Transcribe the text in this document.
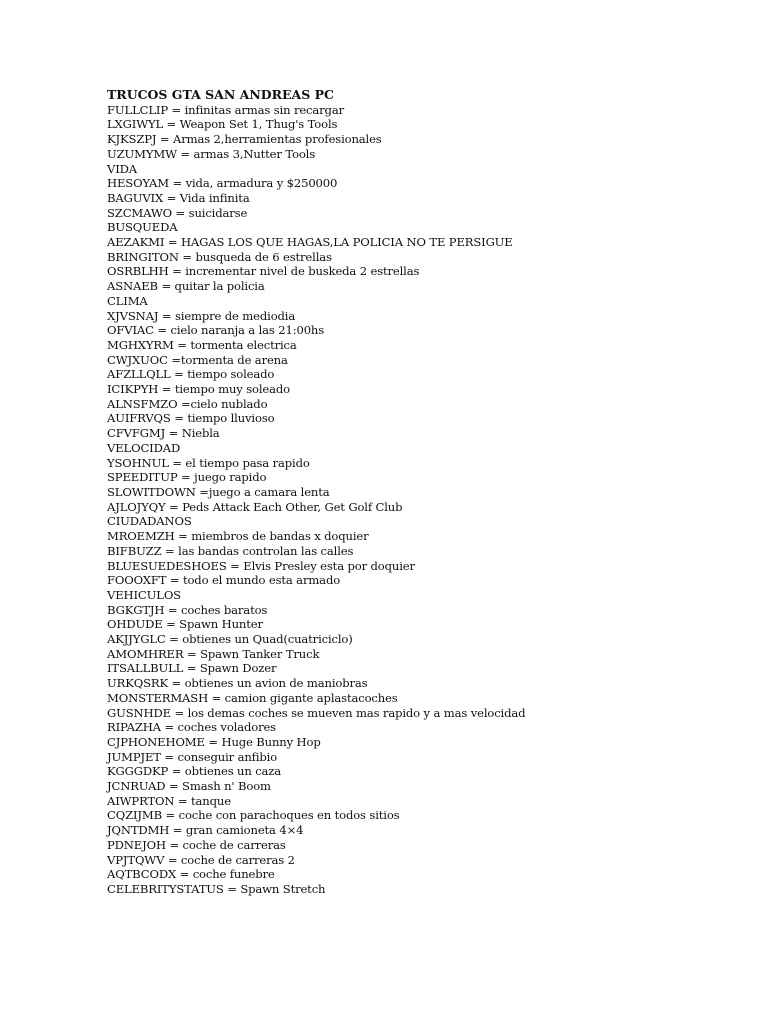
TRUCOS GTA SAN ANDREAS PC
FULLCLIP = infinitas armas sin recargar
LXGIWYL = Weapon Set 1, Thug's Tools
KJKSZPJ = Armas 2,herramientas profesionales
UZUMYMW = armas 3,Nutter Tools
VIDA
HESOYAM = vida, armadura y $250000
BAGUVIX = Vida infinita
SZCMAWO = suicidarse
BUSQUEDA
AEZAKMI = HAGAS LOS QUE HAGAS,LA POLICIA NO TE PERSIGUE
BRINGITON = busqueda de 6 estrellas
OSRBLHH = incrementar nivel de buskeda 2 estrellas
ASNAEB = quitar la policia
CLIMA
XJVSNAJ = siempre de mediodia
OFVIAC = cielo naranja a las 21:00hs
MGHXYRM = tormenta electrica
CWJXUOC =tormenta de arena
AFZLLQLL = tiempo soleado
ICIKPYH = tiempo muy soleado
ALNSFMZO =cielo nublado
AUIFRVQS = tiempo lluvioso
CFVFGMJ = Niebla
VELOCIDAD
YSOHNUL = el tiempo pasa rapido
SPEEDITUP = juego rapido
SLOWITDOWN =juego a camara lenta
AJLOJYQY = Peds Attack Each Other, Get Golf Club
CIUDADANOS
MROEMZH = miembros de bandas x doquier
BIFBUZZ = las bandas controlan las calles
BLUESUEDESHOES = Elvis Presley esta por doquier
FOOOXFT = todo el mundo esta armado
VEHICULOS
BGKGTJH = coches baratos
OHDUDE = Spawn Hunter
AKJJYGLC = obtienes un Quad(cuatriciclo)
AMOMHRER = Spawn Tanker Truck
ITSALLBULL = Spawn Dozer
URKQSRK = obtienes un avion de maniobras
MONSTERMASH = camion gigante aplastacoches
GUSNHDE = los demas coches se mueven mas rapido y a mas velocidad
RIPAZHA = coches voladores
CJPHONEHOME = Huge Bunny Hop
JUMPJET = conseguir anfibio
KGGGDKP = obtienes un caza
JCNRUAD = Smash n' Boom
AIWPRTON = tanque
CQZIJMB = coche con parachoques en todos sitios
JQNTDMH = gran camioneta 4×4
PDNEJOH = coche de carreras
VPJTQWV = coche de carreras 2
AQTBCODX = coche funebre
CELEBRITYSTATUS = Spawn Stretch
